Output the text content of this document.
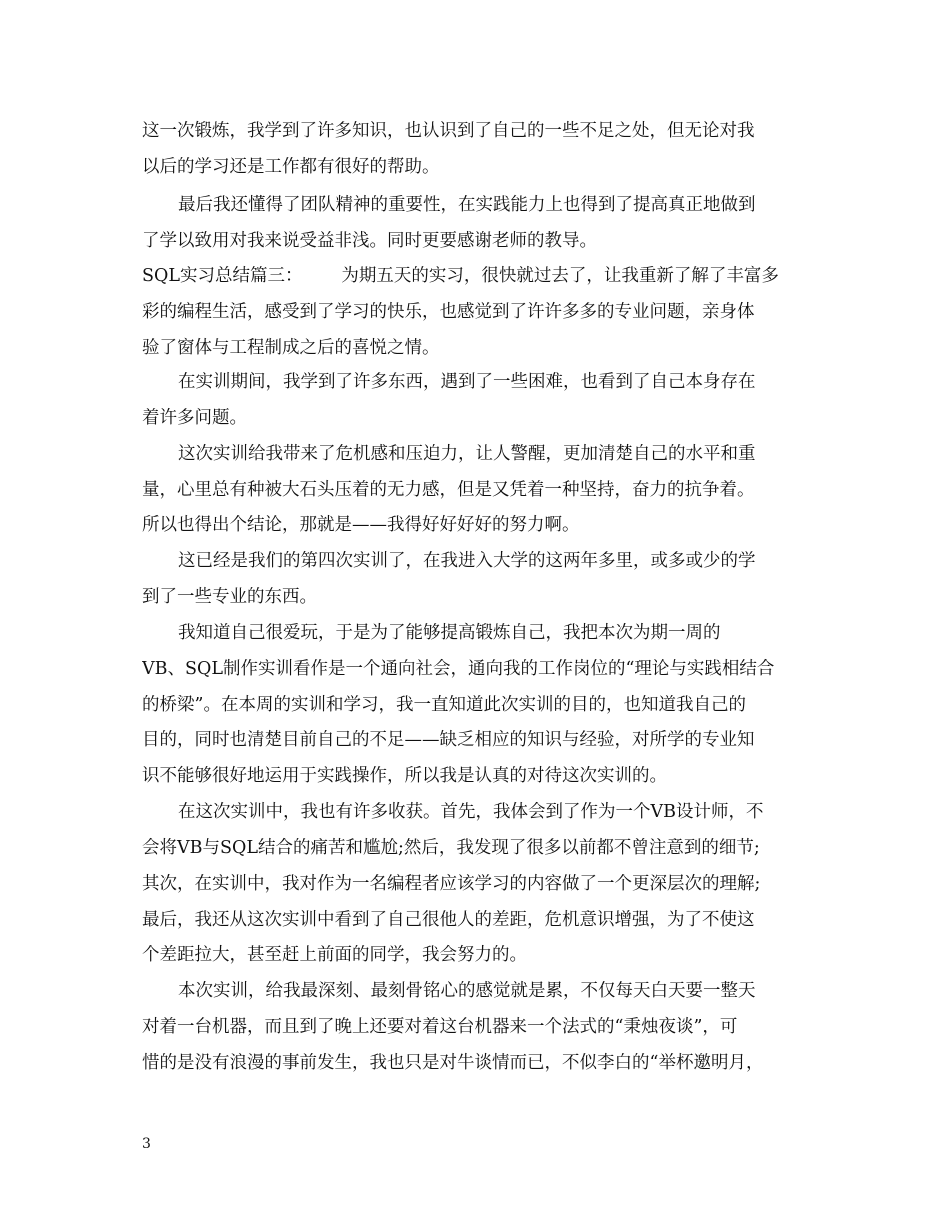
这一次锻炼，我学到了许多知识，也认识到了自己的一些不足之处，但无论对我
以后的学习还是工作都有很好的帮助。
最后我还懂得了团队精神的重要性，在实践能力上也得到了提高真正地做到
了学以致用对我来说受益非浅。同时更要感谢老师的教导。
SQL实习总结篇三：       为期五天的实习，很快就过去了，让我重新了解了丰富多
彩的编程生活，感受到了学习的快乐，也感觉到了许许多多的专业问题，亲身体
验了窗体与工程制成之后的喜悦之情。
在实训期间，我学到了许多东西，遇到了一些困难，也看到了自己本身存在
着许多问题。
这次实训给我带来了危机感和压迫力，让人警醒，更加清楚自己的水平和重
量，心里总有种被大石头压着的无力感，但是又凭着一种坚持，奋力的抗争着。
所以也得出个结论，那就是——我得好好好好的努力啊。
这已经是我们的第四次实训了，在我进入大学的这两年多里，或多或少的学
到了一些专业的东西。
我知道自己很爱玩，于是为了能够提高锻炼自己，我把本次为期一周的
VB、SQL制作实训看作是一个通向社会，通向我的工作岗位的“理论与实践相结合
的桥梁”。在本周的实训和学习，我一直知道此次实训的目的，也知道我自己的
目的，同时也清楚目前自己的不足——缺乏相应的知识与经验，对所学的专业知
识不能够很好地运用于实践操作，所以我是认真的对待这次实训的。
在这次实训中，我也有许多收获。首先，我体会到了作为一个VB设计师，不
会将VB与SQL结合的痛苦和尴尬;然后，我发现了很多以前都不曾注意到的细节;
其次，在实训中，我对作为一名编程者应该学习的内容做了一个更深层次的理解;
最后，我还从这次实训中看到了自己很他人的差距，危机意识增强，为了不使这
个差距拉大，甚至赶上前面的同学，我会努力的。
本次实训，给我最深刻、最刻骨铭心的感觉就是累，不仅每天白天要一整天
对着一台机器，而且到了晚上还要对着这台机器来一个法式的“秉烛夜谈”，可
惜的是没有浪漫的事前发生，我也只是对牛谈情而已，不似李白的“举杯邀明月，
3
